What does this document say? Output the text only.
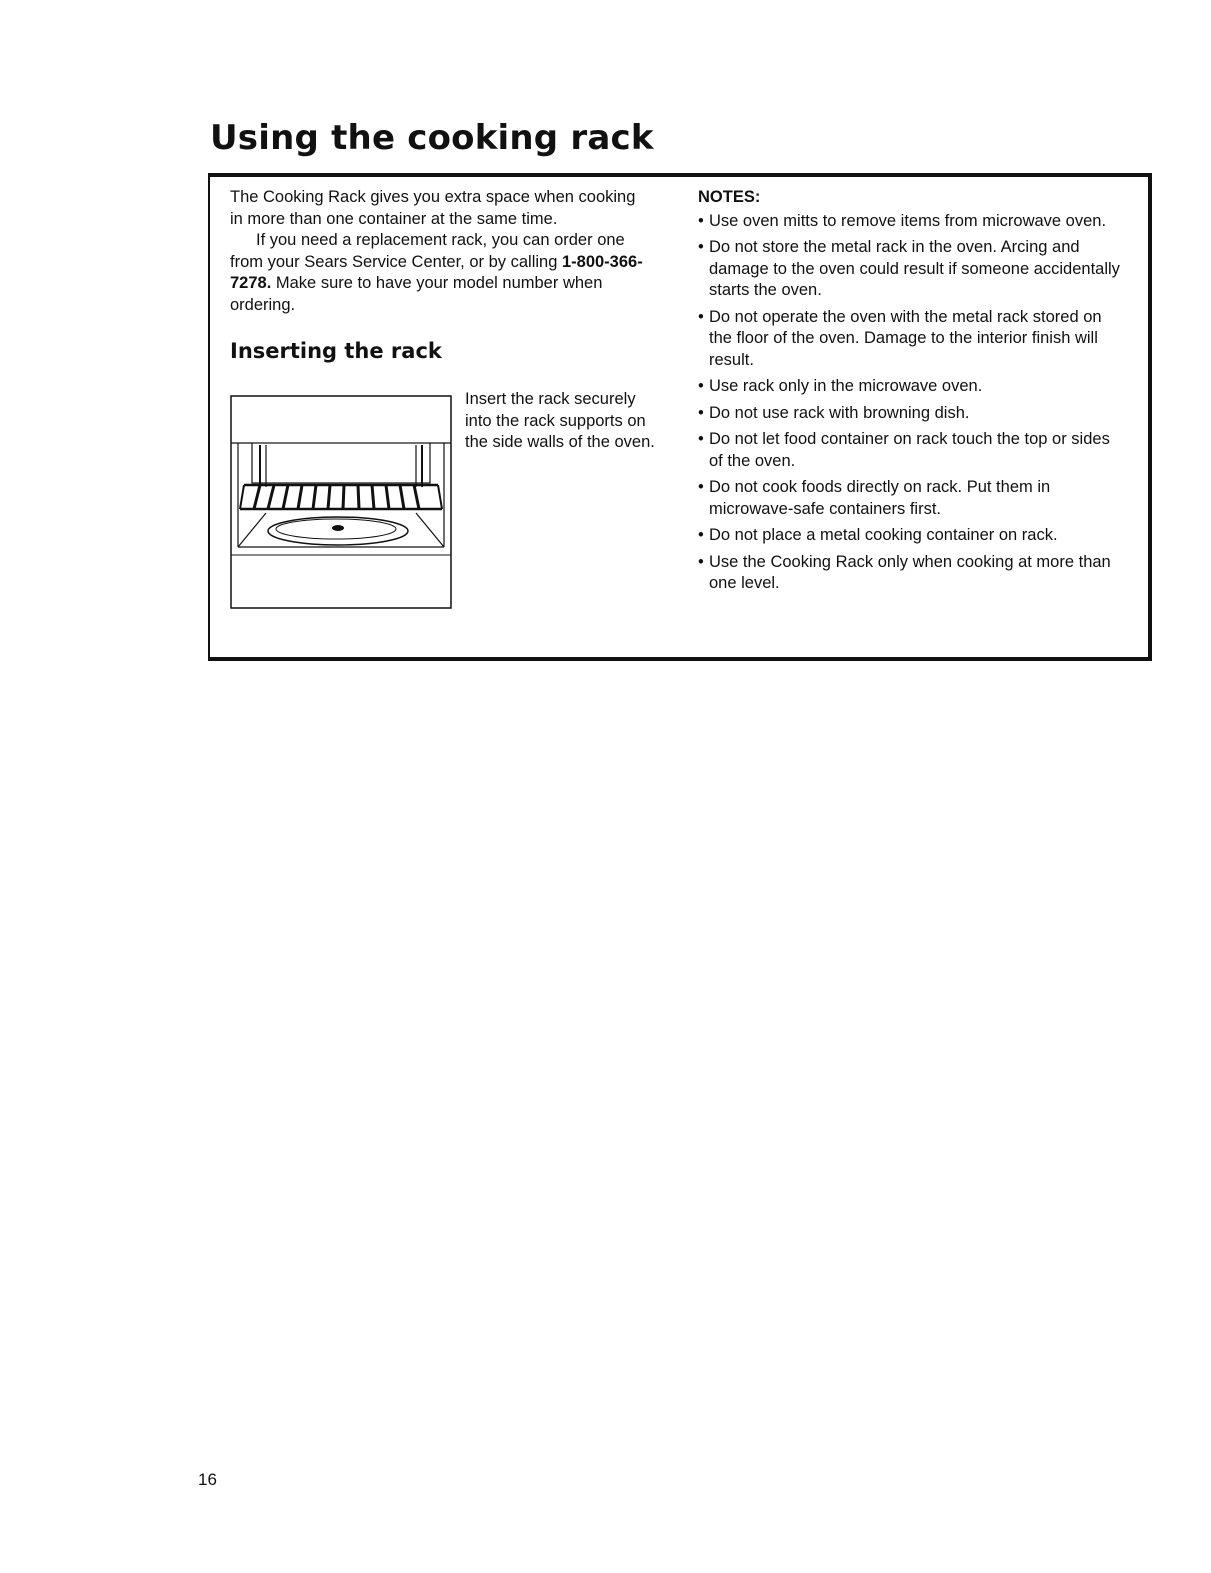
Using the cooking rack

The Cooking Rack gives you extra space when cooking in more than one container at the same time.

If you need a replacement rack, you can order one from your Sears Service Center, or by calling 1-800-366-7278. Make sure to have your model number when ordering.

Inserting the rack

Insert the rack securely into the rack supports on the side walls of the oven.

NOTES:

• Use oven mitts to remove items from microwave oven.
• Do not store the metal rack in the oven. Arcing and damage to the oven could result if someone accidentally starts the oven.
• Do not operate the oven with the metal rack stored on the floor of the oven. Damage to the interior finish will result.
• Use rack only in the microwave oven.
• Do not use rack with browning dish.
• Do not let food container on rack touch the top or sides of the oven.
• Do not cook foods directly on rack. Put them in microwave-safe containers first.
• Do not place a metal cooking container on rack.
• Use the Cooking Rack only when cooking at more than one level.

16
